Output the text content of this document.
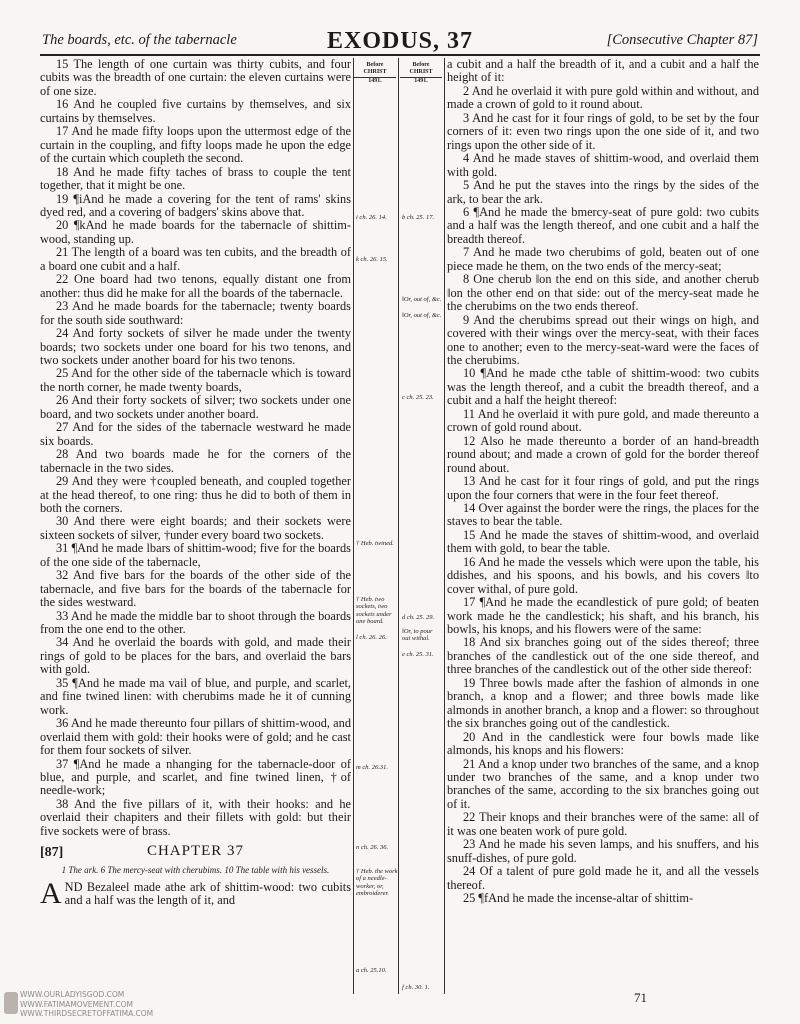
The boards, etc. of the tabernacle	EXODUS, 37	[Consecutive Chapter 87]

15 The length of one curtain was thirty cubits, and four cubits was the breadth of one curtain: the eleven curtains were of one size.

16 And he coupled five curtains by themselves, and six curtains by themselves.

17 And he made fifty loops upon the uttermost edge of the curtain in the coupling, and fifty loops made he upon the edge of the curtain which coupleth the second.

18 And he made fifty taches of brass to couple the tent together, that it might be one.

19 ¶iAnd he made a covering for the tent of rams' skins dyed red, and a covering of badgers' skins above that.

20 ¶kAnd he made boards for the tabernacle of shittim-wood, standing up.

21 The length of a board was ten cubits, and the breadth of a board one cubit and a half.

22 One board had two tenons, equally distant one from another: thus did he make for all the boards of the tabernacle.

23 And he made boards for the tabernacle; twenty boards for the south side southward:

24 And forty sockets of silver he made under the twenty boards; two sockets under one board for his two tenons, and two sockets under another board for his two tenons.

25 And for the other side of the tabernacle which is toward the north corner, he made twenty boards,

26 And their forty sockets of silver; two sockets under one board, and two sockets under another board.

27 And for the sides of the tabernacle westward he made six boards.

28 And two boards made he for the corners of the tabernacle in the two sides.

29 And they were †coupled beneath, and coupled together at the head thereof, to one ring: thus he did to both of them in both the corners.

30 And there were eight boards; and their sockets were sixteen sockets of silver, †under every board two sockets.

31 ¶And he made lbars of shittim-wood; five for the boards of the one side of the tabernacle,

32 And five bars for the boards of the other side of the tabernacle, and five bars for the boards of the tabernacle for the sides westward.

33 And he made the middle bar to shoot through the boards from the one end to the other.

34 And he overlaid the boards with gold, and made their rings of gold to be places for the bars, and overlaid the bars with gold.

35 ¶And he made ma vail of blue, and purple, and scarlet, and fine twined linen: with cherubims made he it of cunning work.

36 And he made thereunto four pillars of shittim-wood, and overlaid them with gold: their hooks were of gold; and he cast for them four sockets of silver.

37 ¶And he made a nhanging for the tabernacle-door of blue, and purple, and scarlet, and fine twined linen, †of needle-work;

38 And the five pillars of it, with their hooks: and he overlaid their chapiters and their fillets with gold: but their five sockets were of brass.

[87]	CHAPTER 37
1 The ark. 6 The mercy-seat with cherubims. 10 The table with his vessels.

AND Bezaleel made athe ark of shittim-wood: two cubits and a half was the length of it, and

Before

CHRIST
1491.
Before

CHRIST
1491.
i ch. 26. 14. b ch. 25. 17.
k ch. 26. 15.
‖Or, out of, &c.
‖Or, out of, &c.
c ch. 25. 23.
† Heb. twined.
† Heb. two sockets, two sockets under one board.
d ch. 25. 29.
‖Or, to pour out withal.
l ch. 26. 26.
e ch. 25. 31.
m ch. 26.31.
n ch. 26. 36.
† Heb. the work of a needle-worker, or, embroiderer.
a ch. 25.10.
f ch. 30. 1.

a cubit and a half the breadth of it, and a cubit and a half the height of it:

2 And he overlaid it with pure gold within and without, and made a crown of gold to it round about.

3 And he cast for it four rings of gold, to be set by the four corners of it: even two rings upon the one side of it, and two rings upon the other side of it.

4 And he made staves of shittim-wood, and overlaid them with gold.

5 And he put the staves into the rings by the sides of the ark, to bear the ark.

6 ¶And he made the bmercy-seat of pure gold: two cubits and a half was the length thereof, and one cubit and a half the breadth thereof.

7 And he made two cherubims of gold, beaten out of one piece made he them, on the two ends of the mercy-seat;

8 One cherub ‖on the end on this side, and another cherub ‖on the other end on that side: out of the mercy-seat made he the cherubims on the two ends thereof.

9 And the cherubims spread out their wings on high, and covered with their wings over the mercy-seat, with their faces one to another; even to the mercy-seat-ward were the faces of the cherubims.

10 ¶And he made cthe table of shittim-wood: two cubits was the length thereof, and a cubit the breadth thereof, and a cubit and a half the height thereof:

11 And he overlaid it with pure gold, and made thereunto a crown of gold round about.

12 Also he made thereunto a border of an hand-breadth round about; and made a crown of gold for the border thereof round about.

13 And he cast for it four rings of gold, and put the rings upon the four corners that were in the four feet thereof.

14 Over against the border were the rings, the places for the staves to bear the table.

15 And he made the staves of shittim-wood, and overlaid them with gold, to bear the table.

16 And he made the vessels which were upon the table, his ddishes, and his spoons, and his bowls, and his covers ‖to cover withal, of pure gold.

17 ¶And he made the ecandlestick of pure gold; of beaten work made he the candlestick; his shaft, and his branch, his bowls, his knops, and his flowers were of the same:

18 And six branches going out of the sides thereof; three branches of the candlestick out of the one side thereof, and three branches of the candlestick out of the other side thereof:

19 Three bowls made after the fashion of almonds in one branch, a knop and a flower; and three bowls made like almonds in another branch, a knop and a flower: so throughout the six branches going out of the candlestick.

20 And in the candlestick were four bowls made like almonds, his knops and his flowers:

21 And a knop under two branches of the same, and a knop under two branches of the same, and a knop under two branches of the same, according to the six branches going out of it.

22 Their knops and their branches were of the same: all of it was one beaten work of pure gold.

23 And he made his seven lamps, and his snuffers, and his snuff-dishes, of pure gold.

24 Of a talent of pure gold made he it, and all the vessels thereof.

25 ¶fAnd he made the incense-altar of shittim-

WWW.OURLADYISGOD.COM
WWW.FATIMAMOVEMENT.COM
WWW.THIRDSECRETOFFATIMA.COM
71
